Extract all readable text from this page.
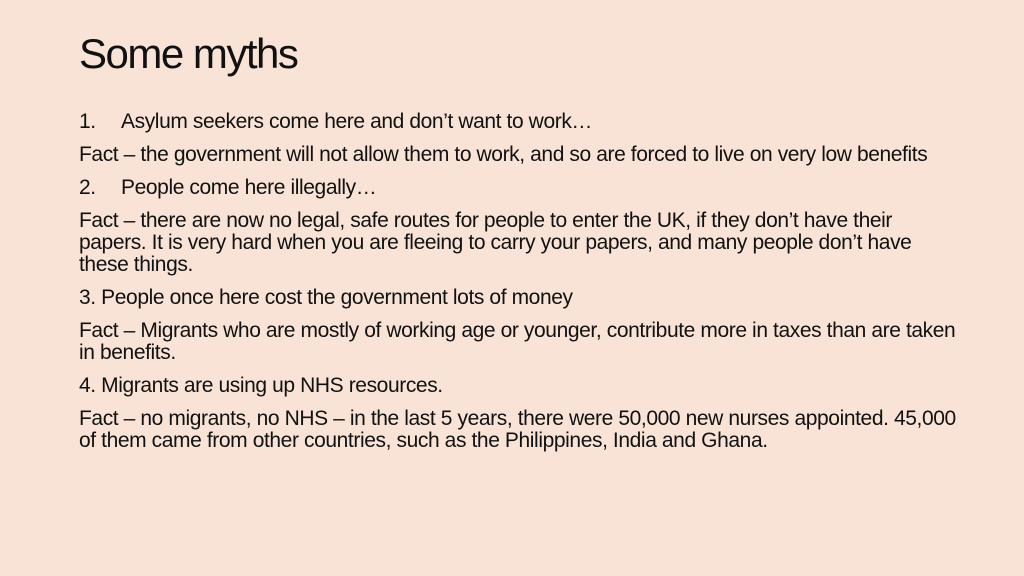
Some myths

1. Asylum seekers come here and don’t want to work…

Fact – the government will not allow them to work, and so are forced to live on very low benefits

2. People come here illegally…

Fact – there are now no legal, safe routes for people to enter the UK, if they don’t have their papers. It is very hard when you are fleeing to carry your papers, and many people don’t have these things.

3. People once here cost the government lots of money

Fact – Migrants who are mostly of working age or younger, contribute more in taxes than are taken in benefits.

4. Migrants are using up NHS resources.

Fact – no migrants, no NHS – in the last 5 years, there were 50,000 new nurses appointed. 45,000 of them came from other countries, such as the Philippines, India and Ghana.
